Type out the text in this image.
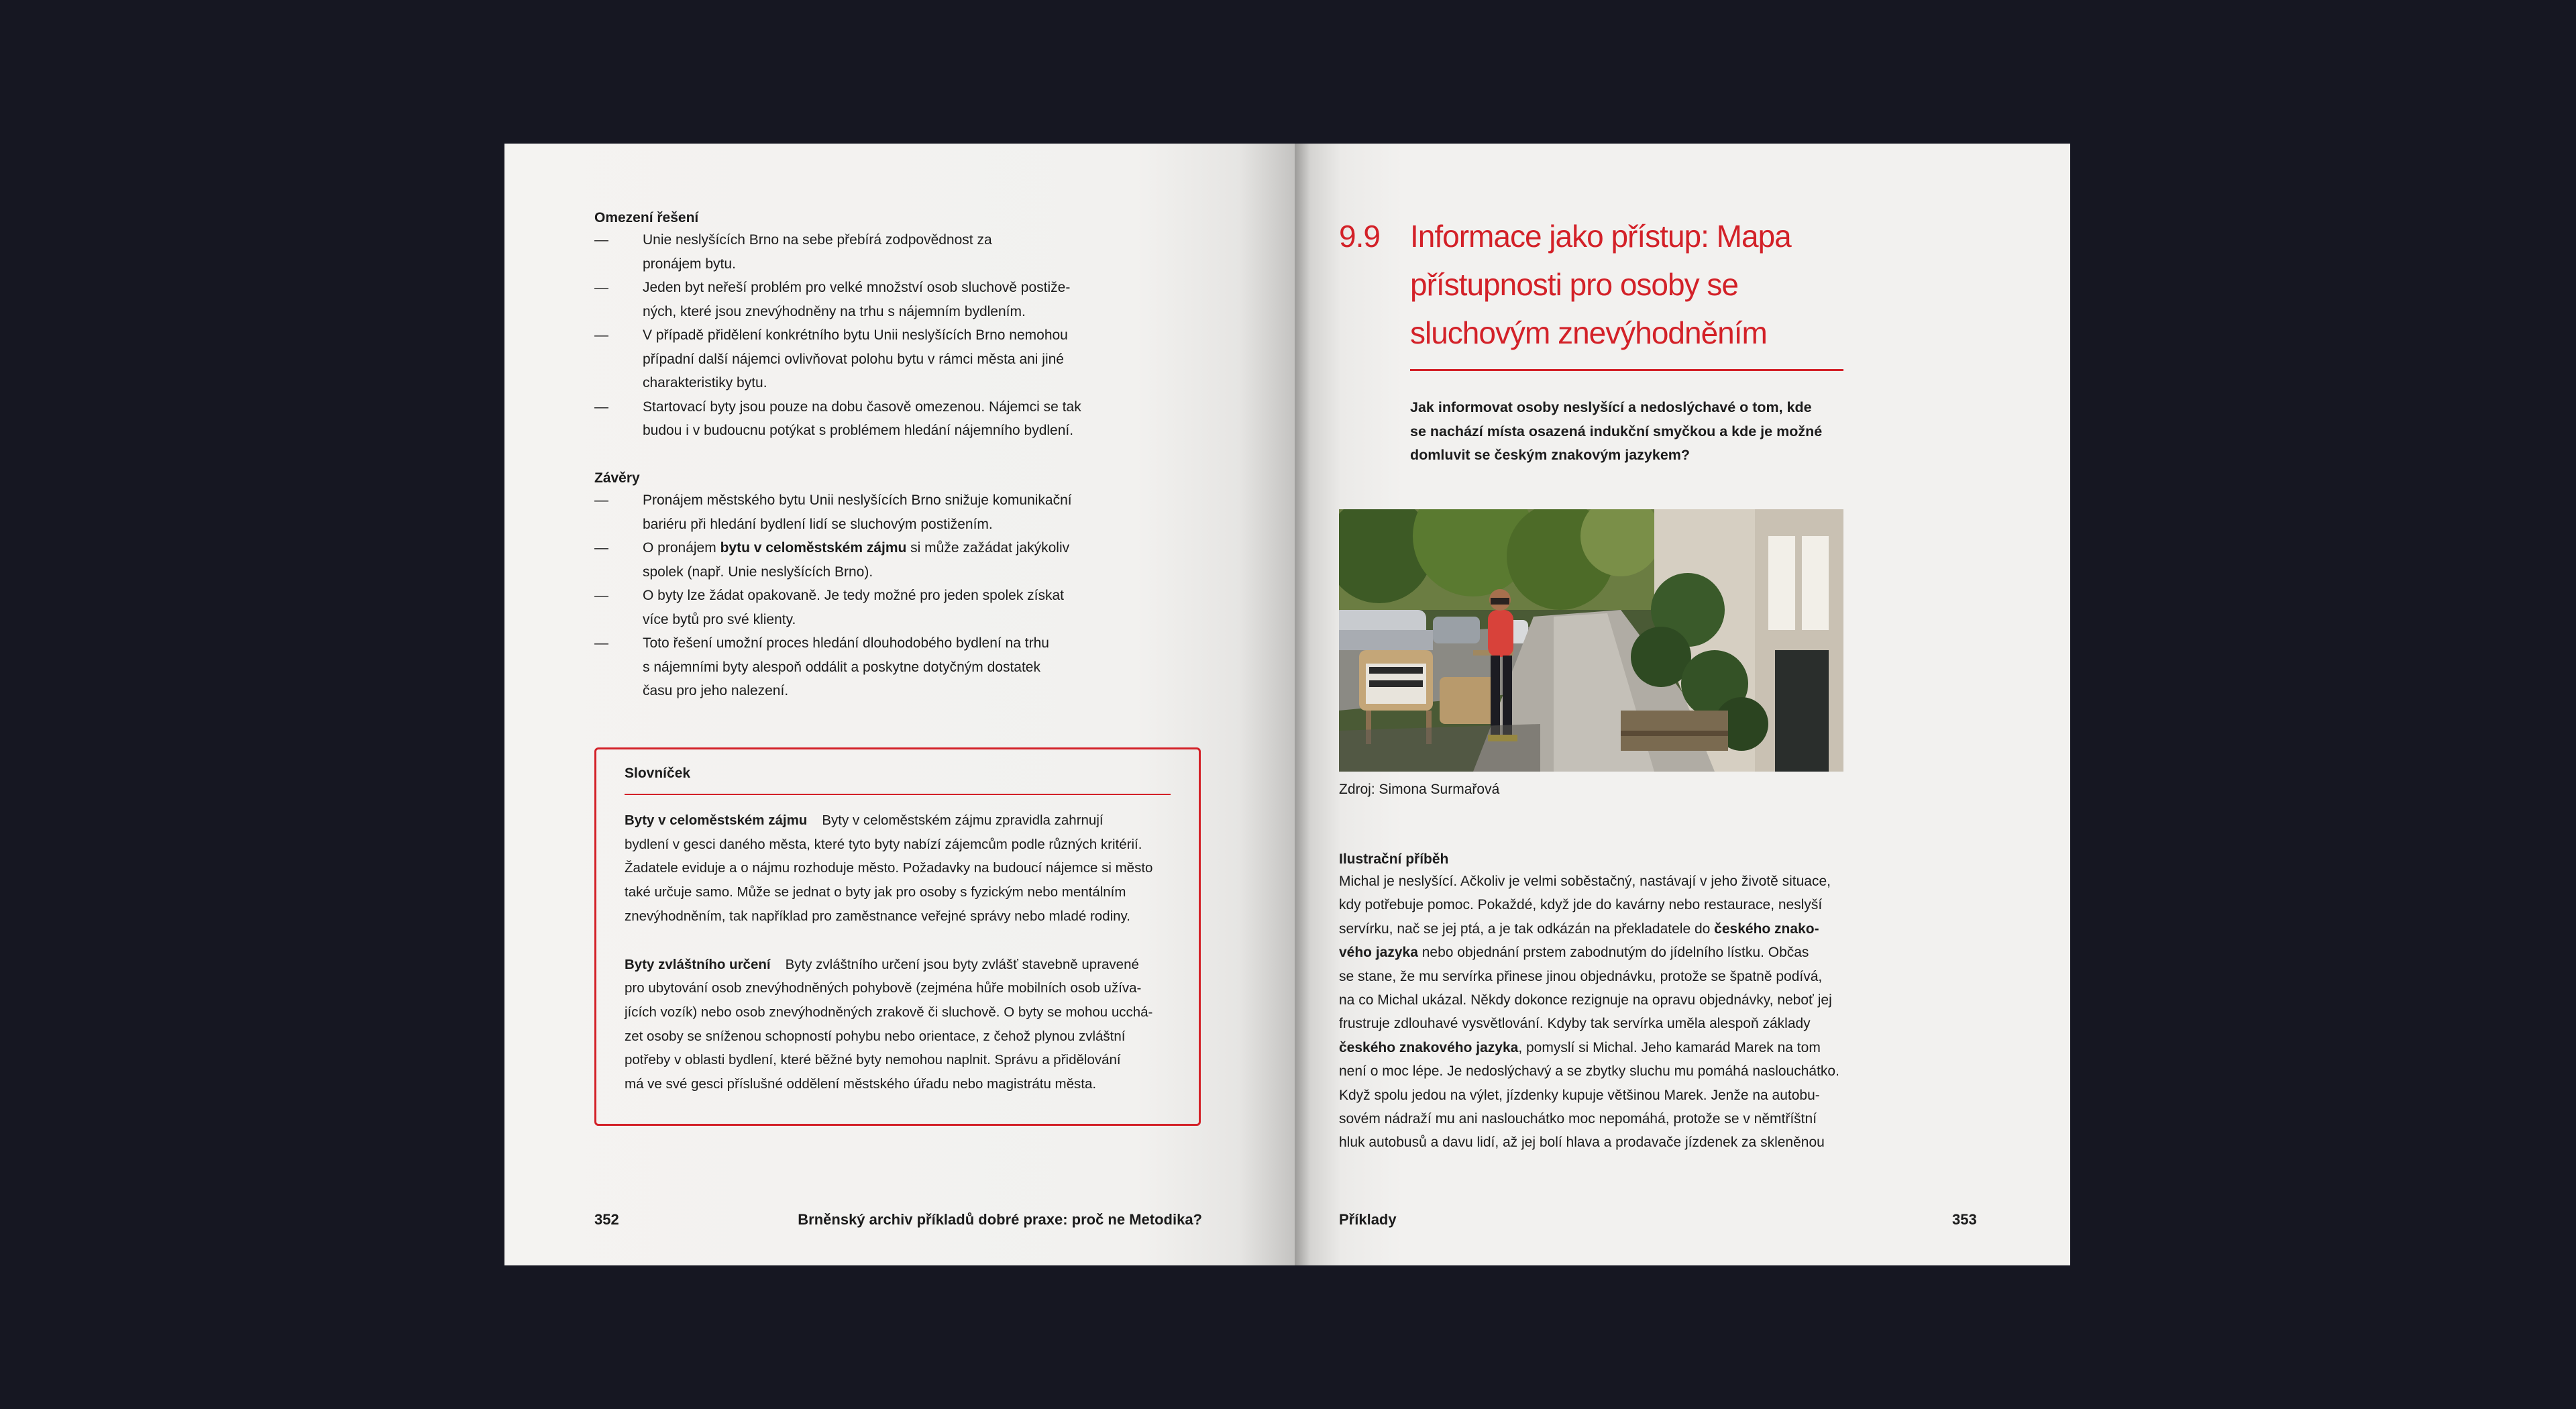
Omezení řešení
— Unie neslyšících Brno na sebe přebírá zodpovědnost za
pronájem bytu.
— Jeden byt neřeší problém pro velké množství osob sluchově postiže-
ných, které jsou znevýhodněny na trhu s nájemním bydlením.
— V případě přidělení konkrétního bytu Unii neslyšících Brno nemohou
případní další nájemci ovlivňovat polohu bytu v rámci města ani jiné
charakteristiky bytu.
— Startovací byty jsou pouze na dobu časově omezenou. Nájemci se tak
budou i v budoucnu potýkat s problémem hledání nájemního bydlení.
Závěry
— Pronájem městského bytu Unii neslyšících Brno snižuje komunikační
bariéru při hledání bydlení lidí se sluchovým postižením.
— O pronájem bytu v celoměstském zájmu si může zažádat jakýkoliv
spolek (např. Unie neslyšících Brno).
— O byty lze žádat opakovaně. Je tedy možné pro jeden spolek získat
více bytů pro své klienty.
— Toto řešení umožní proces hledání dlouhodobého bydlení na trhu
s nájemními byty alespoň oddálit a poskytne dotyčným dostatek
času pro jeho nalezení.
Slovníček
Byty v celoměstském zájmu Byty v celoměstském zájmu zpravidla zahrnují
bydlení v gesci daného města, které tyto byty nabízí zájemcům podle různých kritérií.
Žadatele eviduje a o nájmu rozhoduje město. Požadavky na budoucí nájemce si město
také určuje samo. Může se jednat o byty jak pro osoby s fyzickým nebo mentálním
znevýhodněním, tak například pro zaměstnance veřejné správy nebo mladé rodiny.
Byty zvláštního určení Byty zvláštního určení jsou byty zvlášť stavebně upravené
pro ubytování osob znevýhodněných pohybově (zejména hůře mobilních osob užíva-
jících vozík) nebo osob znevýhodněných zrakově či sluchově. O byty se mohou ucchá-
zet osoby se sníženou schopností pohybu nebo orientace, z čehož plynou zvláštní
potřeby v oblasti bydlení, které běžné byty nemohou naplnit. Správu a přidělování
má ve své gesci příslušné oddělení městského úřadu nebo magistrátu města.
352	Brněnský archiv příkladů dobré praxe: proč ne Metodika?
9.9 Informace jako přístup: Mapa
přístupnosti pro osoby se
sluchovým znevýhodněním
Jak informovat osoby neslyšící a nedoslýchavé o tom, kde
se nachází místa osazená indukční smyčkou a kde je možné
domluvit se českým znakovým jazykem?
Zdroj: Simona Surmařová
Ilustrační příběh
Michal je neslyšící. Ačkoliv je velmi soběstačný, nastávají v jeho životě situace,
kdy potřebuje pomoc. Pokaždé, když jde do kavárny nebo restaurace, neslyší
servírku, nač se jej ptá, a je tak odkázán na překladatele do českého znako-
vého jazyka nebo objednání prstem zabodnutým do jídelního lístku. Občas
se stane, že mu servírka přinese jinou objednávku, protože se špatně podívá,
na co Michal ukázal. Někdy dokonce rezignuje na opravu objednávky, neboť jej
frustruje zdlouhavé vysvětlování. Kdyby tak servírka uměla alespoň základy
českého znakového jazyka, pomyslí si Michal. Jeho kamarád Marek na tom
není o moc lépe. Je nedoslýchavý a se zbytky sluchu mu pomáhá naslouchátko.
Když spolu jedou na výlet, jízdenky kupuje většinou Marek. Jenže na autobu-
sovém nádraží mu ani naslouchátko moc nepomáhá, protože se v němtříštní
hluk autobusů a davu lidí, až jej bolí hlava a prodavače jízdenek za skleněnou
Příklady	353
